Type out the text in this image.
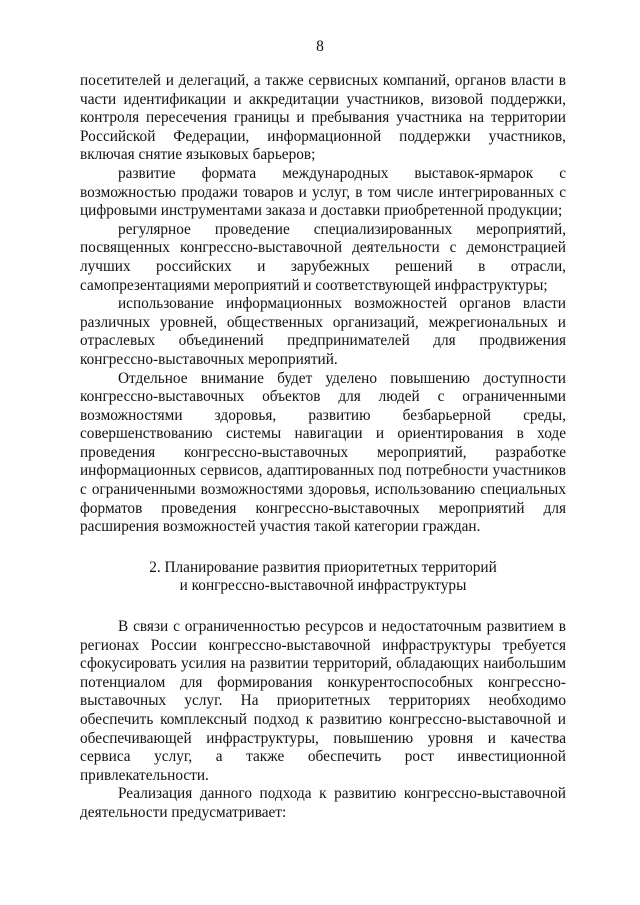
8

посетителей и делегаций, а также сервисных компаний, органов власти в части идентификации и аккредитации участников, визовой поддержки, контроля пересечения границы и пребывания участника на территории Российской Федерации, информационной поддержки участников, включая снятие языковых барьеров;

развитие формата международных выставок-ярмарок с возможностью продажи товаров и услуг, в том числе интегрированных с цифровыми инструментами заказа и доставки приобретенной продукции;

регулярное проведение специализированных мероприятий, посвященных конгрессно-выставочной деятельности с демонстрацией лучших российских и зарубежных решений в отрасли, самопрезентациями мероприятий и соответствующей инфраструктуры;

использование информационных возможностей органов власти различных уровней, общественных организаций, межрегиональных и отраслевых объединений предпринимателей для продвижения конгрессно-выставочных мероприятий.

Отдельное внимание будет уделено повышению доступности конгрессно-выставочных объектов для людей с ограниченными возможностями здоровья, развитию безбарьерной среды, совершенствованию системы навигации и ориентирования в ходе проведения конгрессно-выставочных мероприятий, разработке информационных сервисов, адаптированных под потребности участников с ограниченными возможностями здоровья, использованию специальных форматов проведения конгрессно-выставочных мероприятий для расширения возможностей участия такой категории граждан.

2. Планирование развития приоритетных территорий
и конгрессно-выставочной инфраструктуры

В связи с ограниченностью ресурсов и недостаточным развитием в регионах России конгрессно-выставочной инфраструктуры требуется сфокусировать усилия на развитии территорий, обладающих наибольшим потенциалом для формирования конкурентоспособных конгрессно-выставочных услуг. На приоритетных территориях необходимо обеспечить комплексный подход к развитию конгрессно-выставочной и обеспечивающей инфраструктуры, повышению уровня и качества сервиса услуг, а также обеспечить рост инвестиционной привлекательности.

Реализация данного подхода к развитию конгрессно-выставочной деятельности предусматривает:
